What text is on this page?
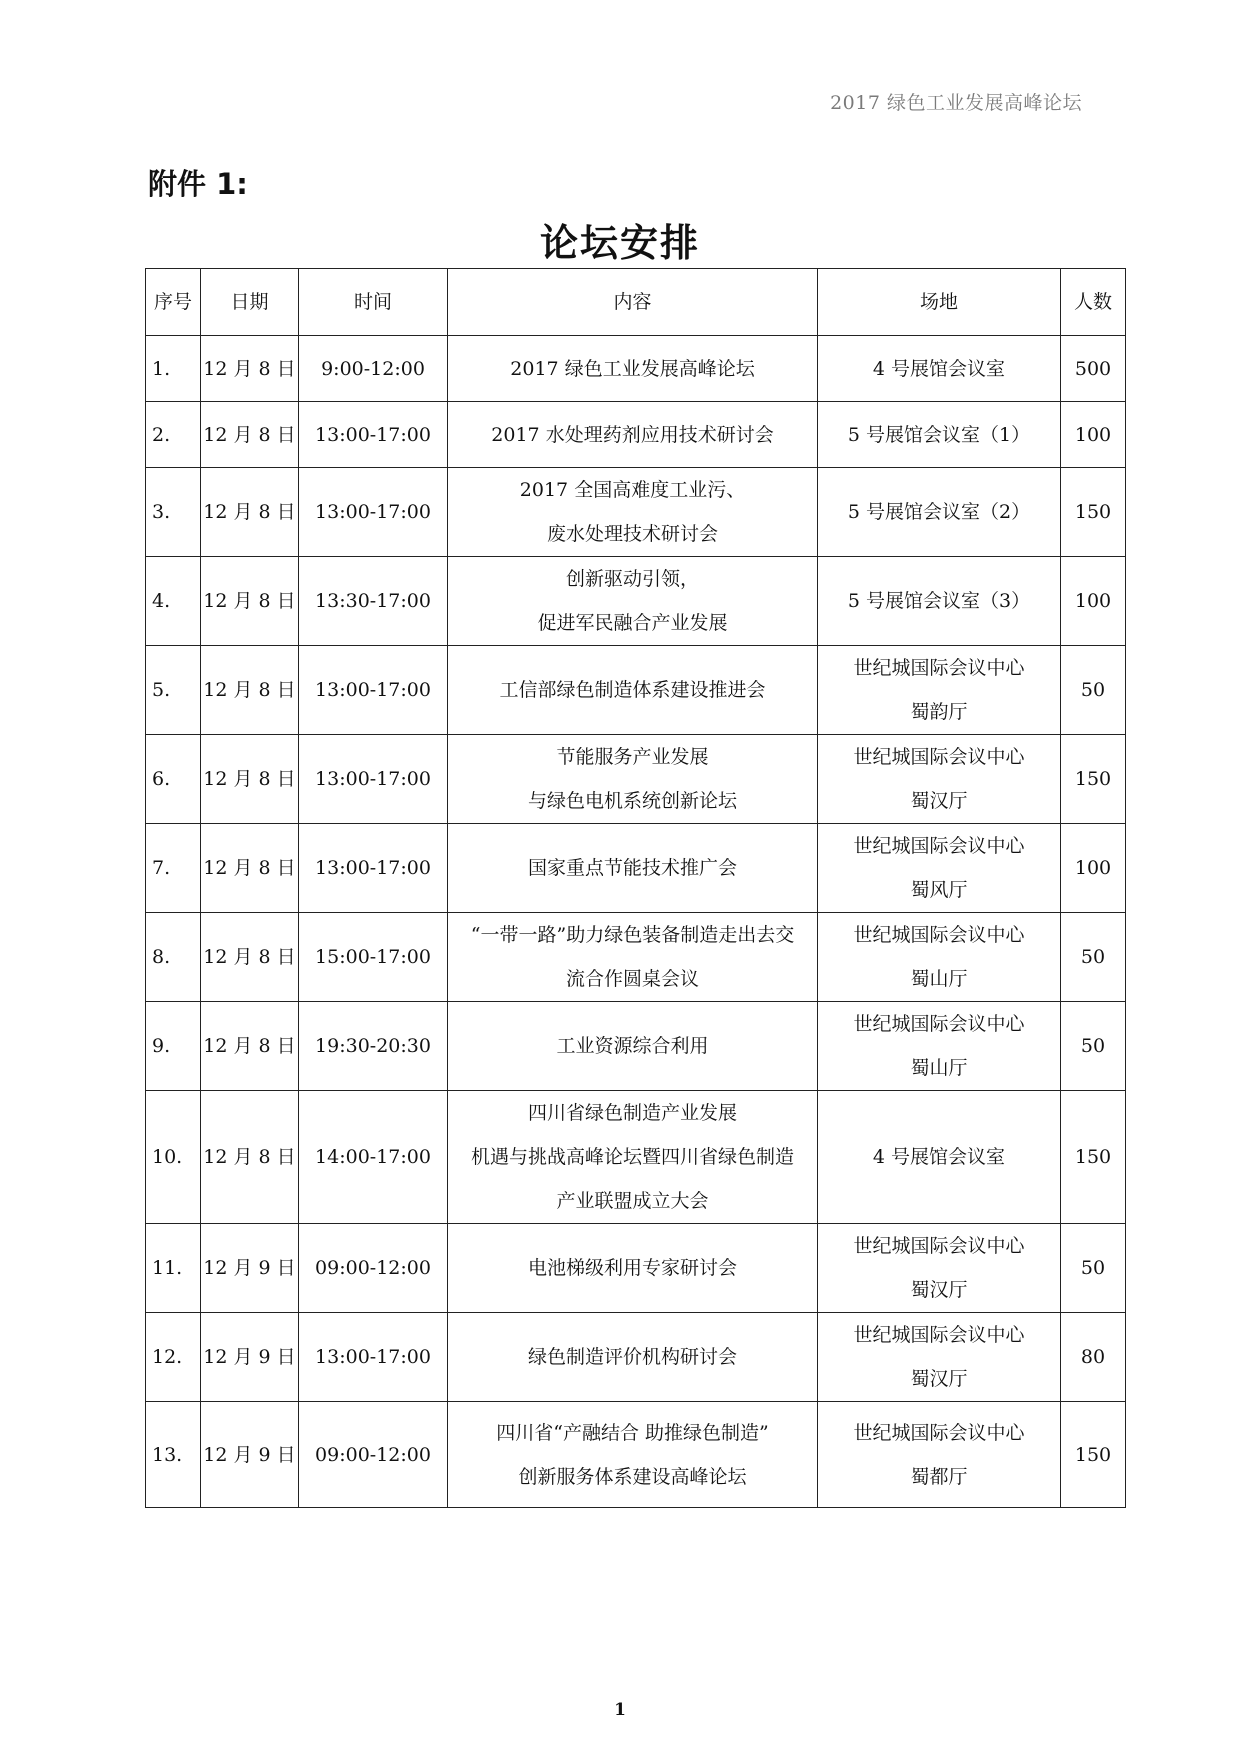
2017 绿色工业发展高峰论坛
附件 1:
论坛安排
序号	日期	时间	内容	场地	人数
1.	12 月 8 日	9:00-12:00	2017 绿色工业发展高峰论坛	4 号展馆会议室	500
2.	12 月 8 日	13:00-17:00	2017 水处理药剂应用技术研讨会	5 号展馆会议室（1）	100
3.	12 月 8 日	13:00-17:00	2017 全国高难度工业污、
废水处理技术研讨会	5 号展馆会议室（2）	150
4.	12 月 8 日	13:30-17:00	创新驱动引领，
促进军民融合产业发展	5 号展馆会议室（3）	100
5.	12 月 8 日	13:00-17:00	工信部绿色制造体系建设推进会	世纪城国际会议中心
蜀韵厅	50
6.	12 月 8 日	13:00-17:00	节能服务产业发展
与绿色电机系统创新论坛	世纪城国际会议中心
蜀汉厅	150
7.	12 月 8 日	13:00-17:00	国家重点节能技术推广会	世纪城国际会议中心
蜀风厅	100
8.	12 月 8 日	15:00-17:00	“一带一路”助力绿色装备制造走出去交
流合作圆桌会议	世纪城国际会议中心
蜀山厅	50
9.	12 月 8 日	19:30-20:30	工业资源综合利用	世纪城国际会议中心
蜀山厅	50
10.	12 月 8 日	14:00-17:00	四川省绿色制造产业发展
机遇与挑战高峰论坛暨四川省绿色制造
产业联盟成立大会	4 号展馆会议室	150
11.	12 月 9 日	09:00-12:00	电池梯级利用专家研讨会	世纪城国际会议中心
蜀汉厅	50
12.	12 月 9 日	13:00-17:00	绿色制造评价机构研讨会	世纪城国际会议中心
蜀汉厅	80
13.	12 月 9 日	09:00-12:00	四川省“产融结合 助推绿色制造”
创新服务体系建设高峰论坛	世纪城国际会议中心
蜀都厅	150
1
